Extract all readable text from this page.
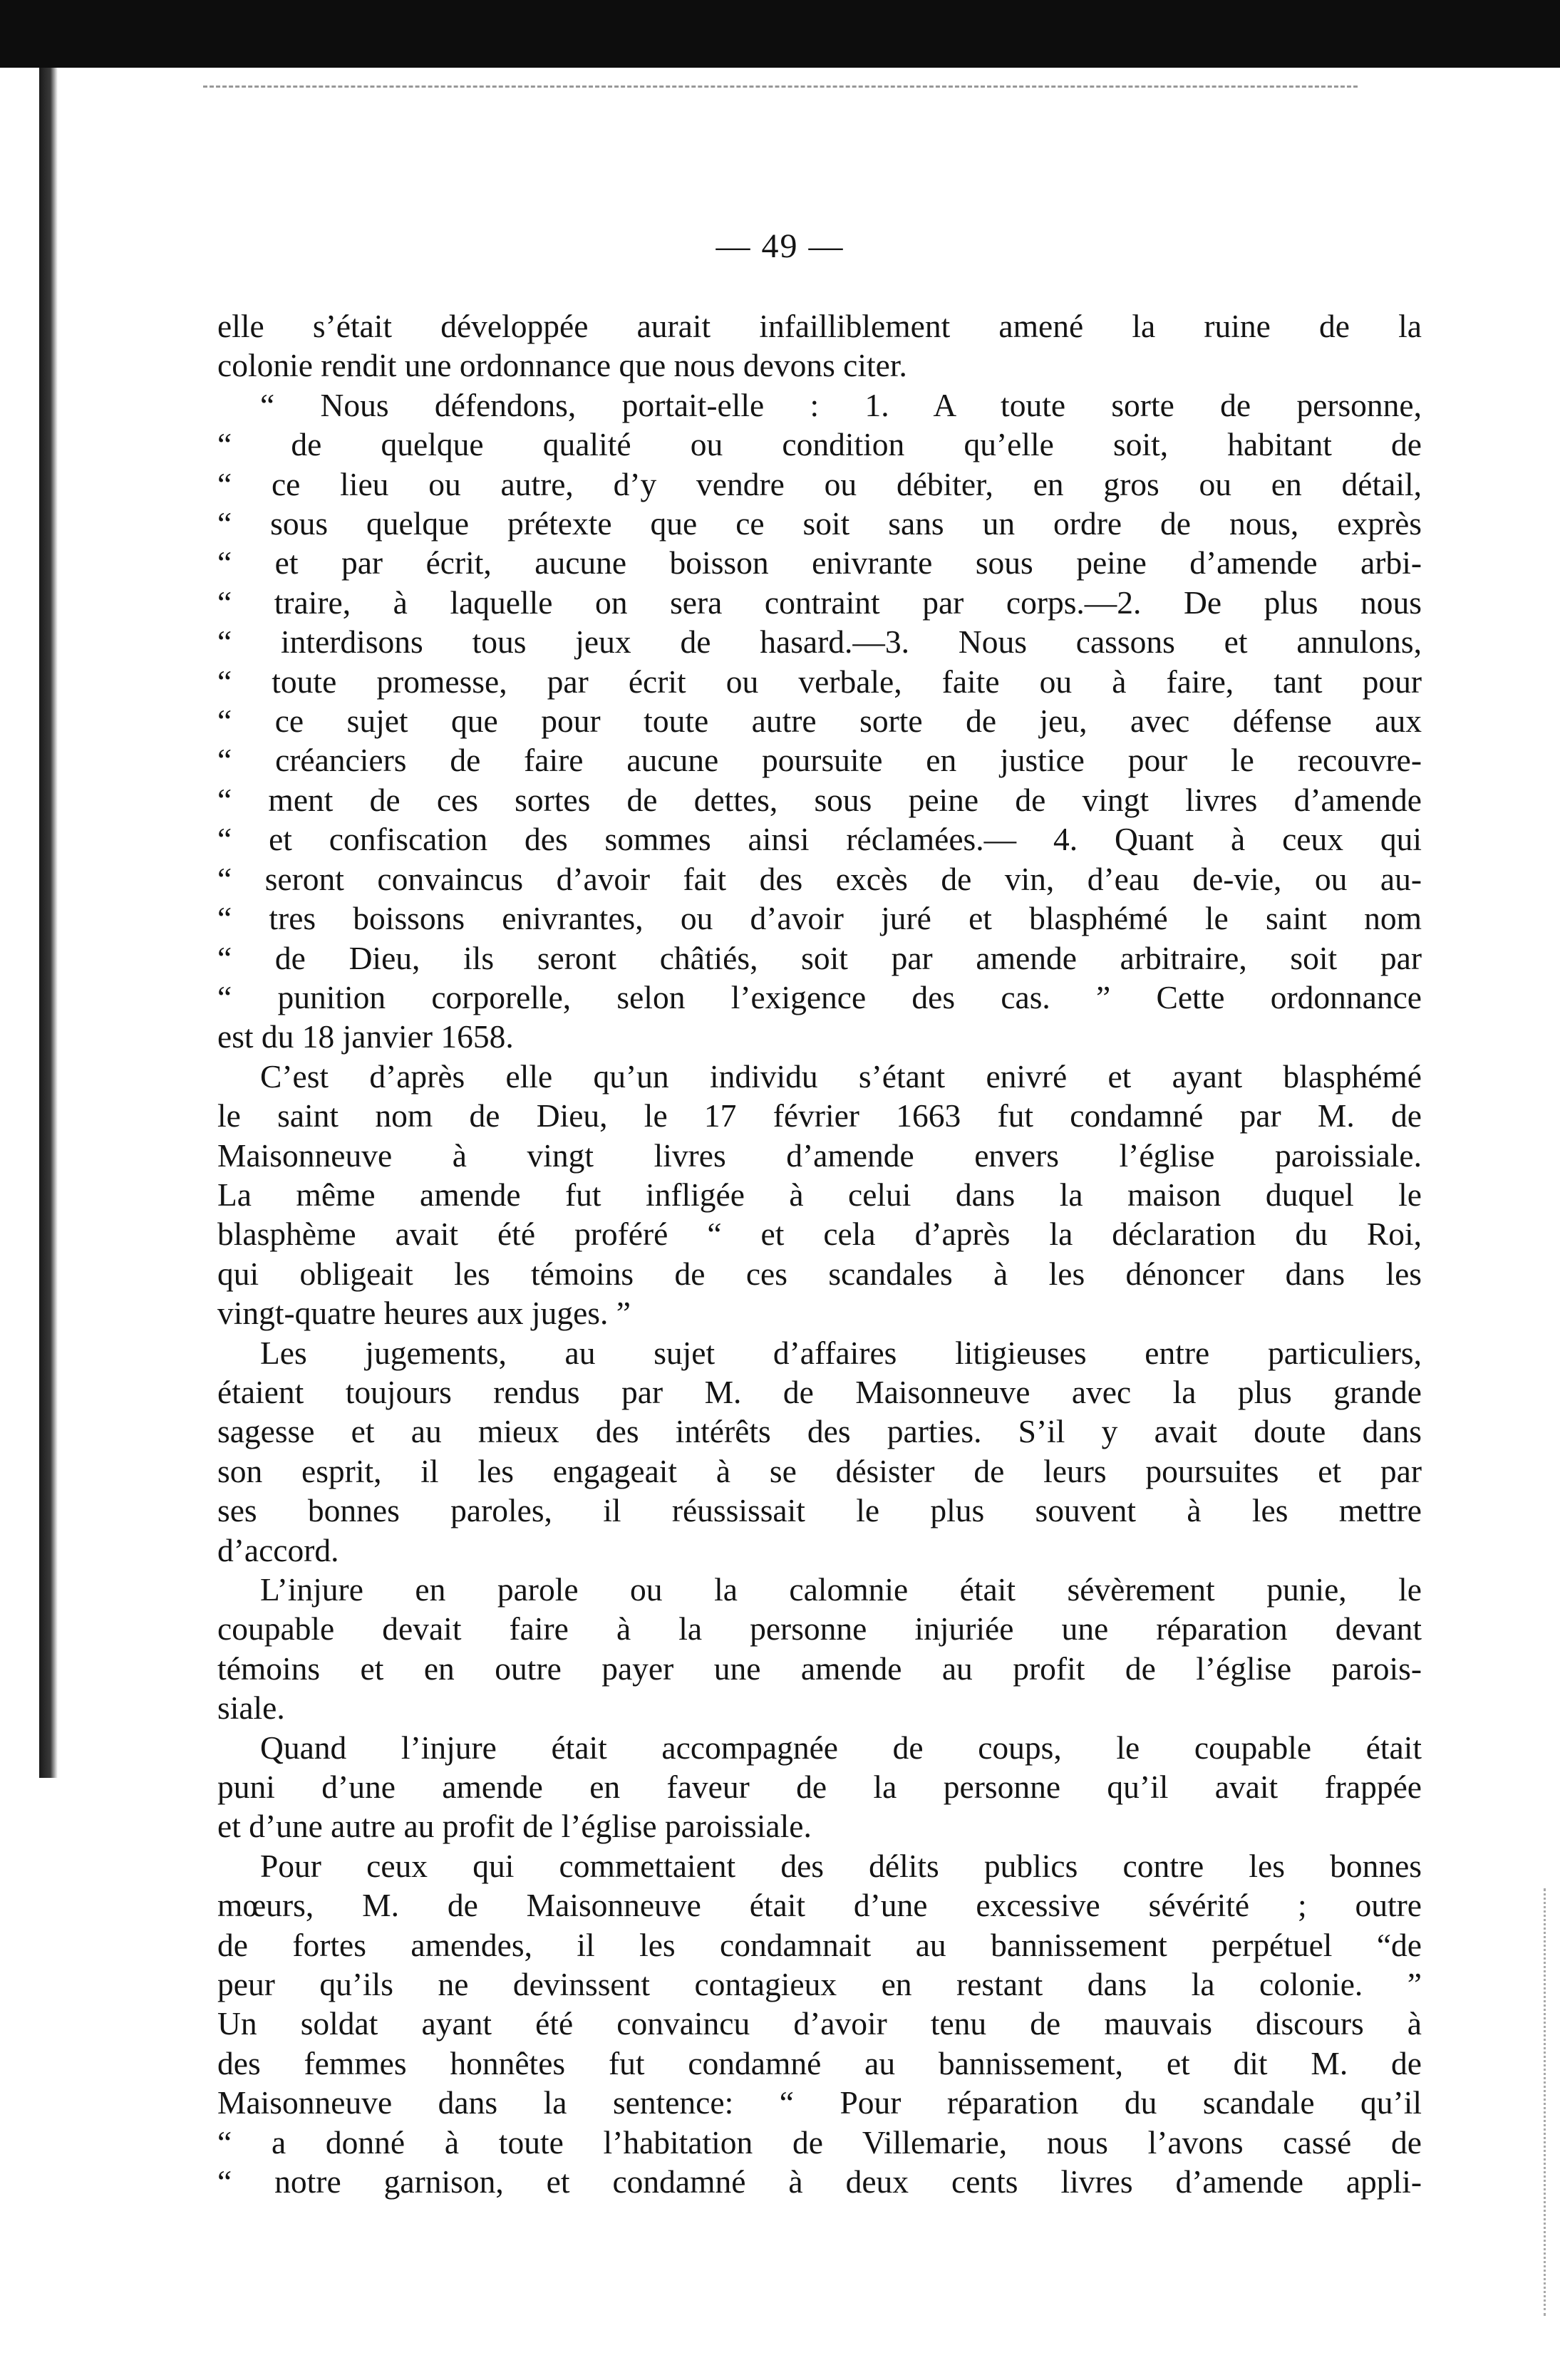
— 49 —
elle s’était développée aurait infailliblement amené la ruine de la
colonie rendit une ordonnance que nous devons citer.
“ Nous défendons, portait-elle : 1. A toute sorte de personne,
“ de quelque qualité ou condition qu’elle soit, habitant de
“ ce lieu ou autre, d’y vendre ou débiter, en gros ou en détail,
“ sous quelque prétexte que ce soit sans un ordre de nous, exprès
“ et par écrit, aucune boisson enivrante sous peine d’amende arbi-
“ traire, à laquelle on sera contraint par corps.—2. De plus nous
“ interdisons tous jeux de hasard.—3. Nous cassons et annulons,
“ toute promesse, par écrit ou verbale, faite ou à faire, tant pour
“ ce sujet que pour toute autre sorte de jeu, avec défense aux
“ créanciers de faire aucune poursuite en justice pour le recouvre-
“ ment de ces sortes de dettes, sous peine de vingt livres d’amende
“ et confiscation des sommes ainsi réclamées.— 4. Quant à ceux qui
“ seront convaincus d’avoir fait des excès de vin, d’eau de-vie, ou au-
“ tres boissons enivrantes, ou d’avoir juré et blasphémé le saint nom
“ de Dieu, ils seront châtiés, soit par amende arbitraire, soit par
“ punition corporelle, selon l’exigence des cas. ” Cette ordonnance
est du 18 janvier 1658.
C’est d’après elle qu’un individu s’étant enivré et ayant blasphémé
le saint nom de Dieu, le 17 février 1663 fut condamné par M. de
Maisonneuve à vingt livres d’amende envers l’église paroissiale.
La même amende fut infligée à celui dans la maison duquel le
blasphème avait été proféré “ et cela d’après la déclaration du Roi,
qui obligeait les témoins de ces scandales à les dénoncer dans les
vingt-quatre heures aux juges. ”
Les jugements, au sujet d’affaires litigieuses entre particuliers,
étaient toujours rendus par M. de Maisonneuve avec la plus grande
sagesse et au mieux des intérêts des parties. S’il y avait doute dans
son esprit, il les engageait à se désister de leurs poursuites et par
ses bonnes paroles, il réussissait le plus souvent à les mettre
d’accord.
L’injure en parole ou la calomnie était sévèrement punie, le
coupable devait faire à la personne injuriée une réparation devant
témoins et en outre payer une amende au profit de l’église parois-
siale.
Quand l’injure était accompagnée de coups, le coupable était
puni d’une amende en faveur de la personne qu’il avait frappée
et d’une autre au profit de l’église paroissiale.
Pour ceux qui commettaient des délits publics contre les bonnes
mœurs, M. de Maisonneuve était d’une excessive sévérité ; outre
de fortes amendes, il les condamnait au bannissement perpétuel “de
peur qu’ils ne devinssent contagieux en restant dans la colonie. ”
Un soldat ayant été convaincu d’avoir tenu de mauvais discours à
des femmes honnêtes fut condamné au bannissement, et dit M. de
Maisonneuve dans la sentence: “ Pour réparation du scandale qu’il
“ a donné à toute l’habitation de Villemarie, nous l’avons cassé de
“ notre garnison, et condamné à deux cents livres d’amende appli-
